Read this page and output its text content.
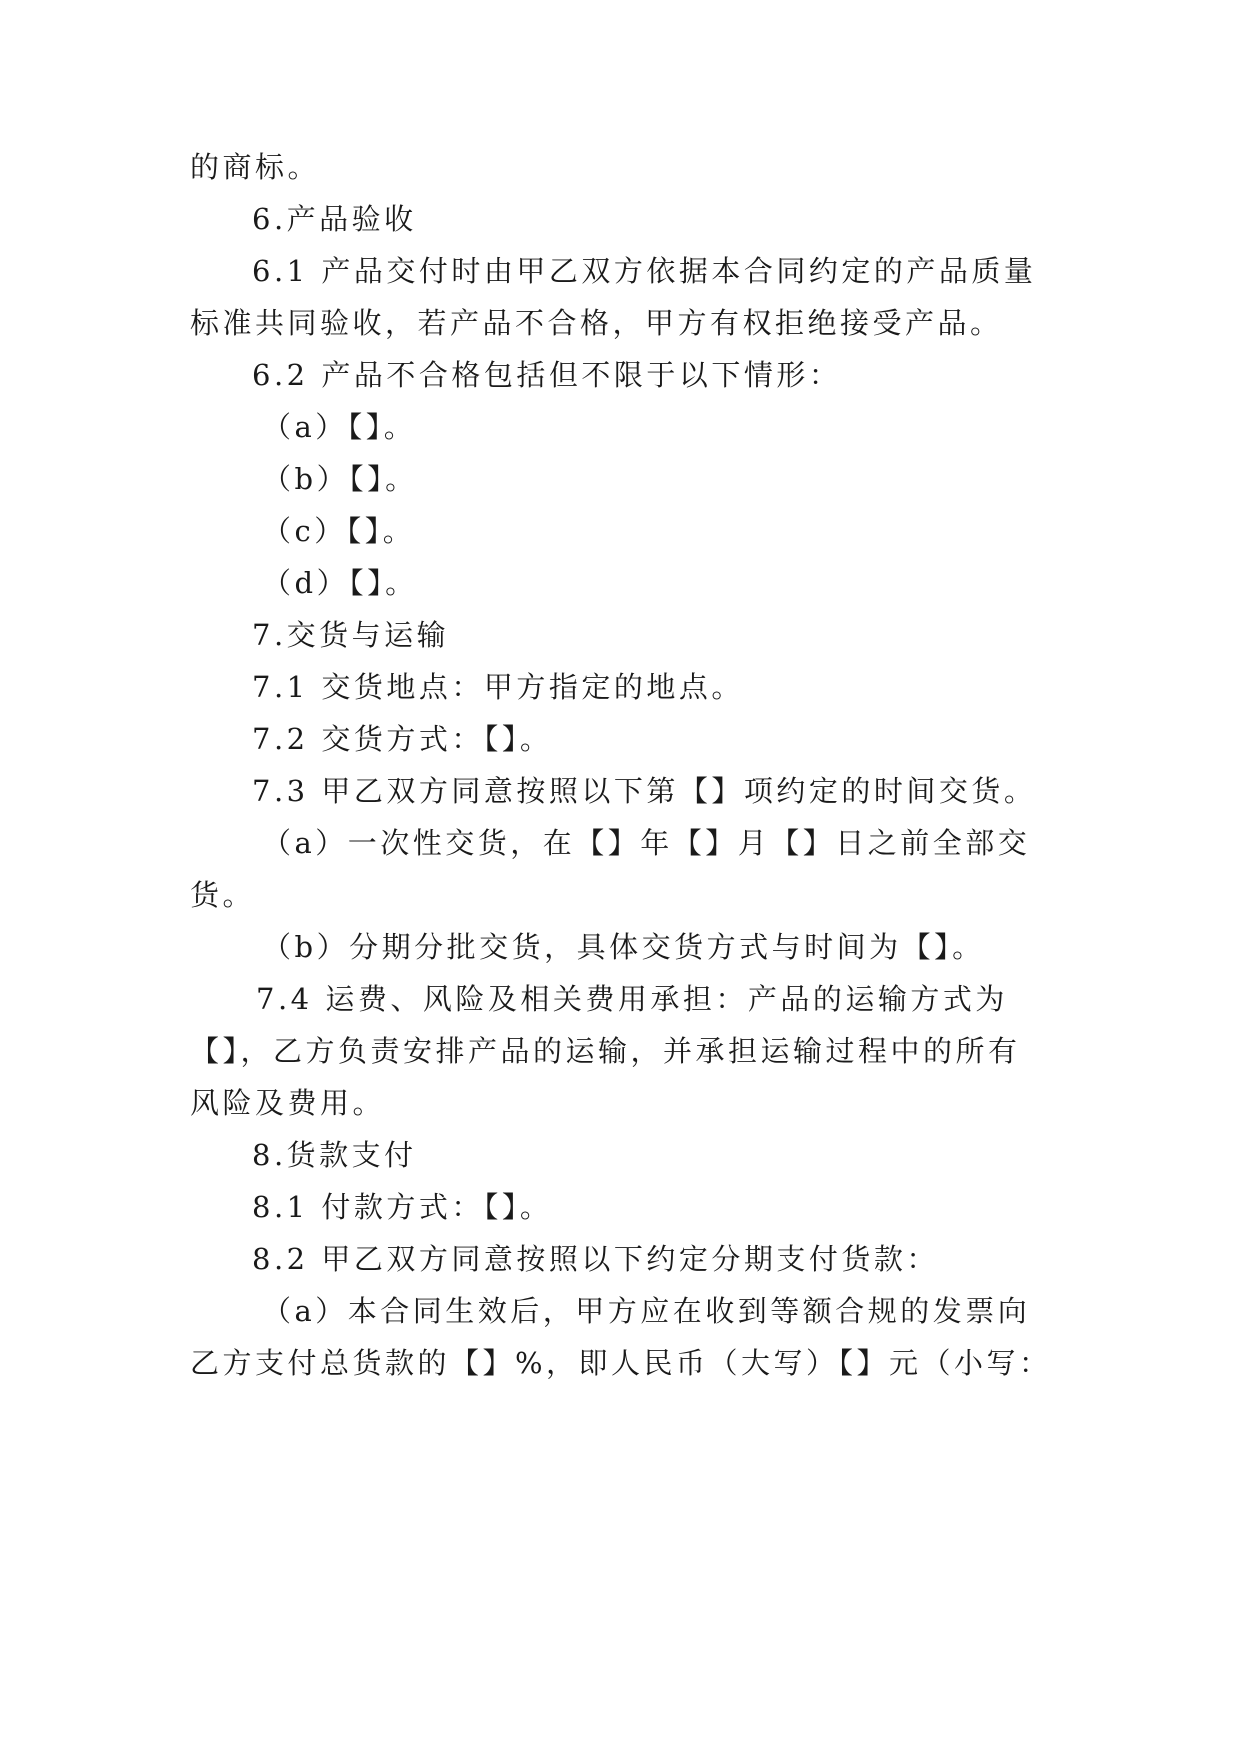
的商标。
6.产品验收
6.1 产品交付时由甲乙双方依据本合同约定的产品质量
标准共同验收，若产品不合格，甲方有权拒绝接受产品。
6.2 产品不合格包括但不限于以下情形：
（a）【】。
（b）【】。
（c）【】。
（d）【】。
7.交货与运输
7.1 交货地点：甲方指定的地点。
7.2 交货方式：【】。
7.3 甲乙双方同意按照以下第【】项约定的时间交货。
（a）一次性交货，在【】年【】月【】日之前全部交
货。
（b）分期分批交货，具体交货方式与时间为【】。
7.4 运费、风险及相关费用承担：产品的运输方式为
【】，乙方负责安排产品的运输，并承担运输过程中的所有
风险及费用。
8.货款支付
8.1 付款方式：【】。
8.2 甲乙双方同意按照以下约定分期支付货款：
（a）本合同生效后，甲方应在收到等额合规的发票向
乙方支付总货款的【】%，即人民币（大写）【】元（小写：
